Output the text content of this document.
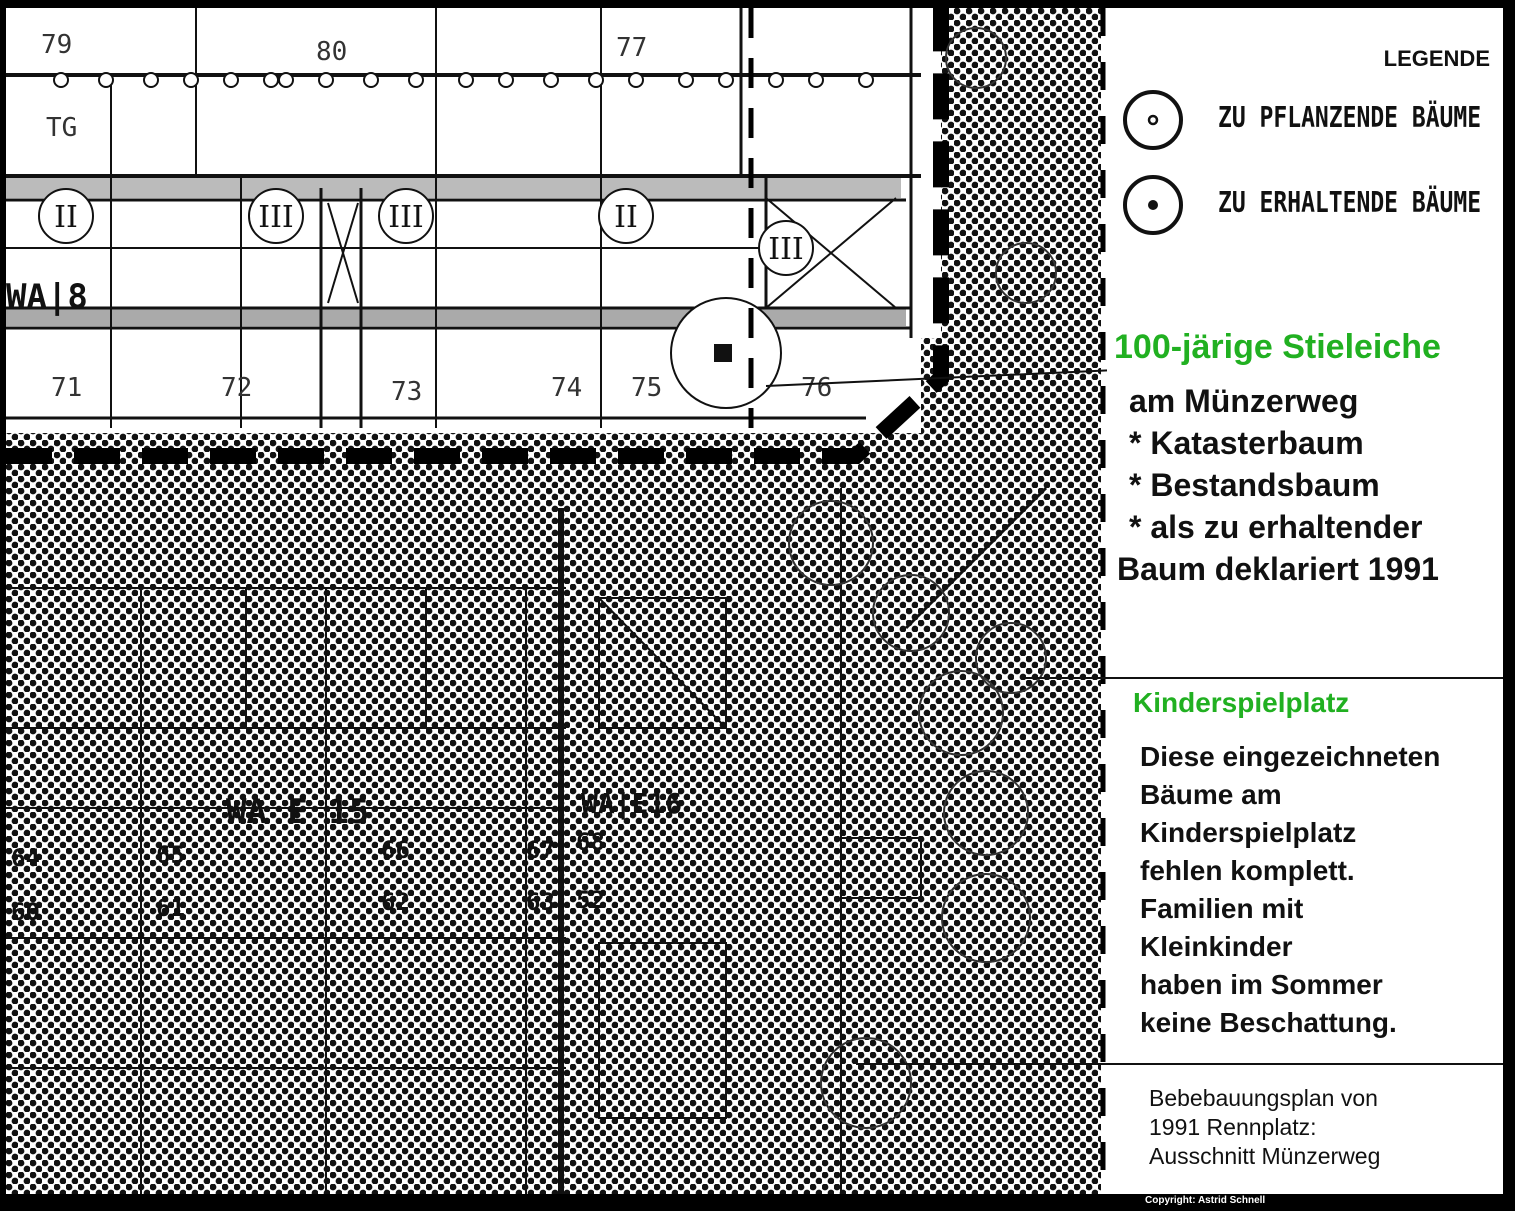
II	III	III	II
III
79	80	77
71	72	73	74 75	76
TG
WA|8
64	65	66	67 68
60	61	62	63 52
WA E 15	WA|E16
LEGENDE
ZU PFLANZENDE BÄUME
ZU ERHALTENDE BÄUME
100-järige Stieleiche
am Münzerweg
* Katasterbaum
* Bestandsbaum
* als zu erhaltender
Baum deklariert 1991
Kinderspielplatz
Diese eingezeichneten
Bäume am
Kinderspielplatz
fehlen komplett.
Familien mit
Kleinkinder
haben im Sommer
keine Beschattung.
Bebebauungsplan von
1991 Rennplatz:
Ausschnitt Münzerweg
Copyright: Astrid Schnell
